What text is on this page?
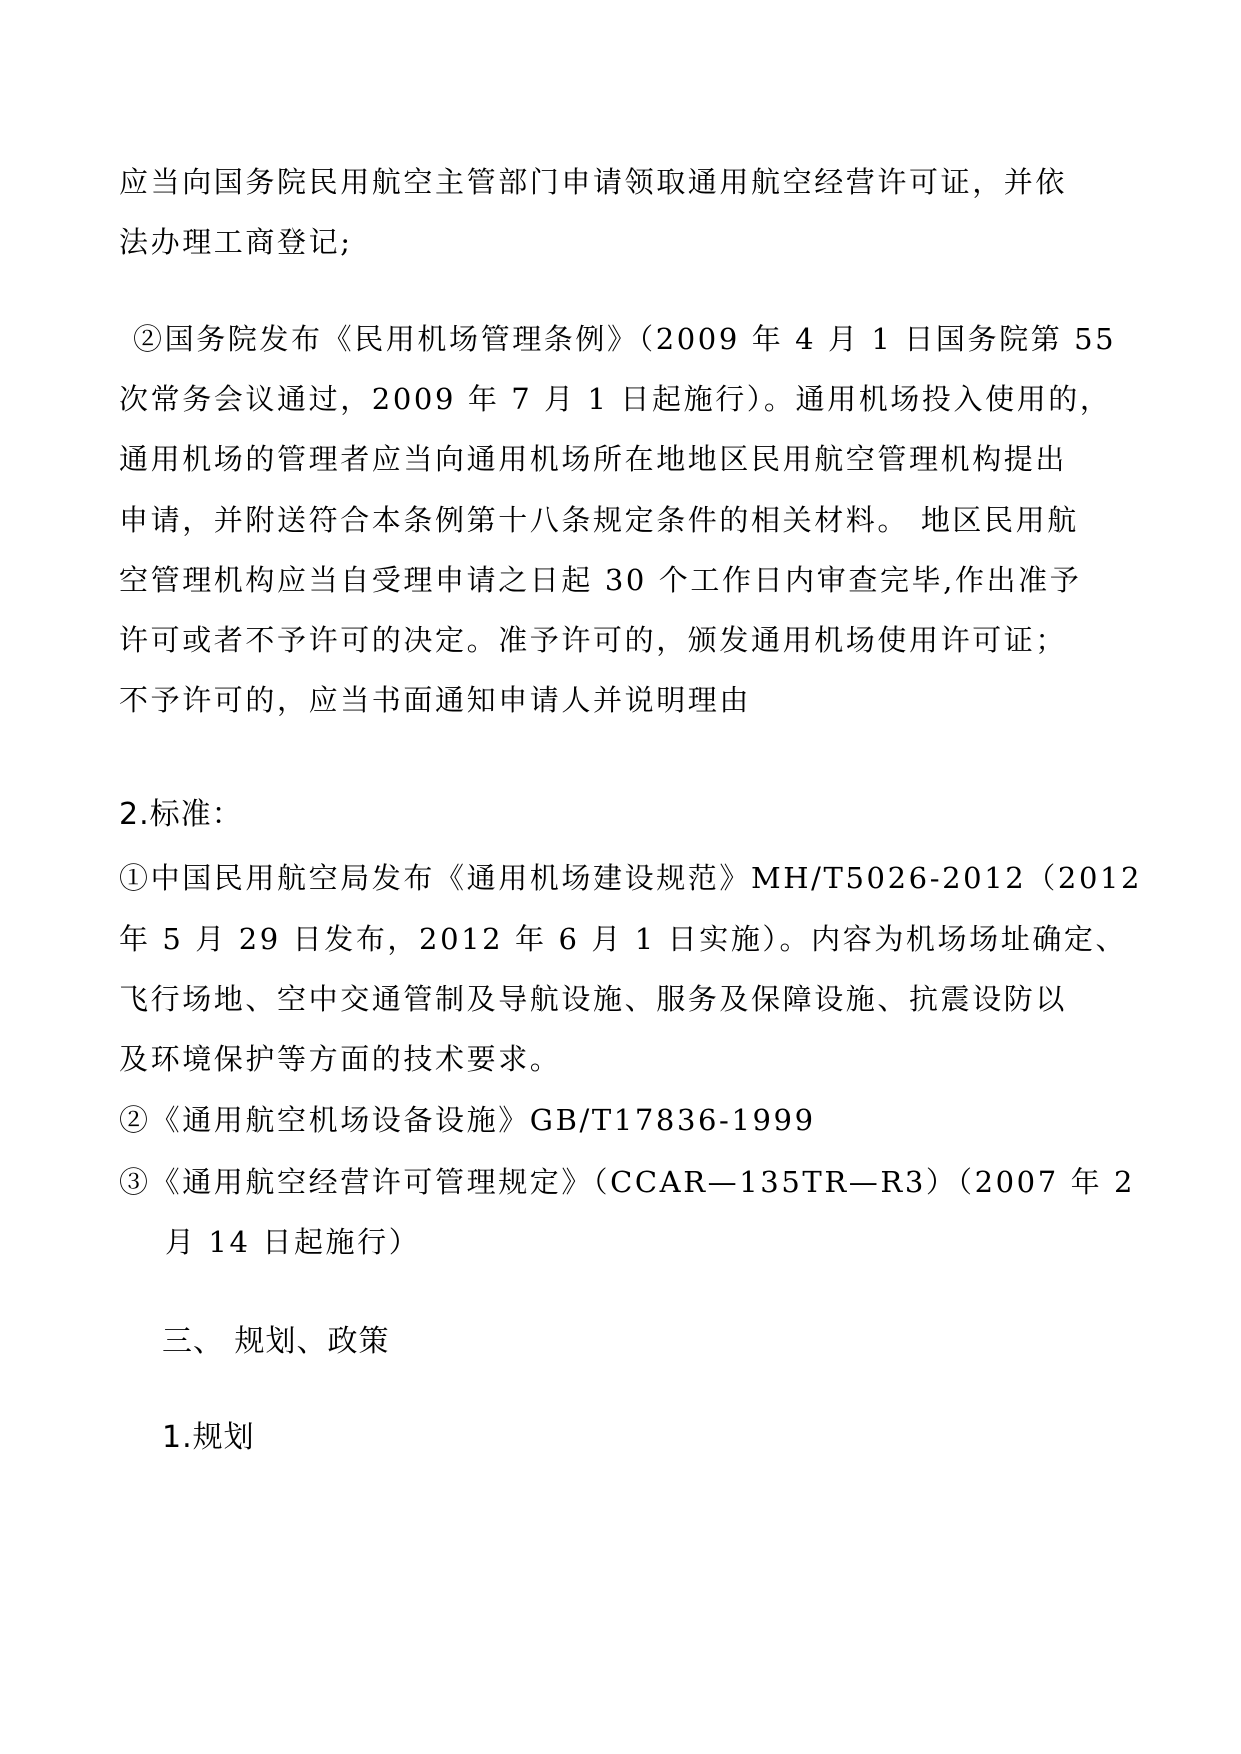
应当向国务院民用航空主管部门申请领取通用航空经营许可证，并依

法办理工商登记;

②国务院发布《民用机场管理条例》（2009 年 4 月 1 日国务院第 55

次常务会议通过，2009 年 7 月 1 日起施行）。通用机场投入使用的，

通用机场的管理者应当向通用机场所在地地区民用航空管理机构提出

申请，并附送符合本条例第十八条规定条件的相关材料。 地区民用航

空管理机构应当自受理申请之日起 30 个工作日内审查完毕,作出准予

许可或者不予许可的决定。准予许可的，颁发通用机场使用许可证；

不予许可的，应当书面通知申请人并说明理由

2.标准：

①中国民用航空局发布《通用机场建设规范》MH/T5026-2012（2012

年 5 月 29 日发布，2012 年 6 月 1 日实施）。内容为机场场址确定、

飞行场地、空中交通管制及导航设施、服务及保障设施、抗震设防以

及环境保护等方面的技术要求。

②《通用航空机场设备设施》GB/T17836-1999

③《通用航空经营许可管理规定》（CCAR—135TR—R3）（2007 年 2

月 14 日起施行）

三、 规划、政策

1.规划
